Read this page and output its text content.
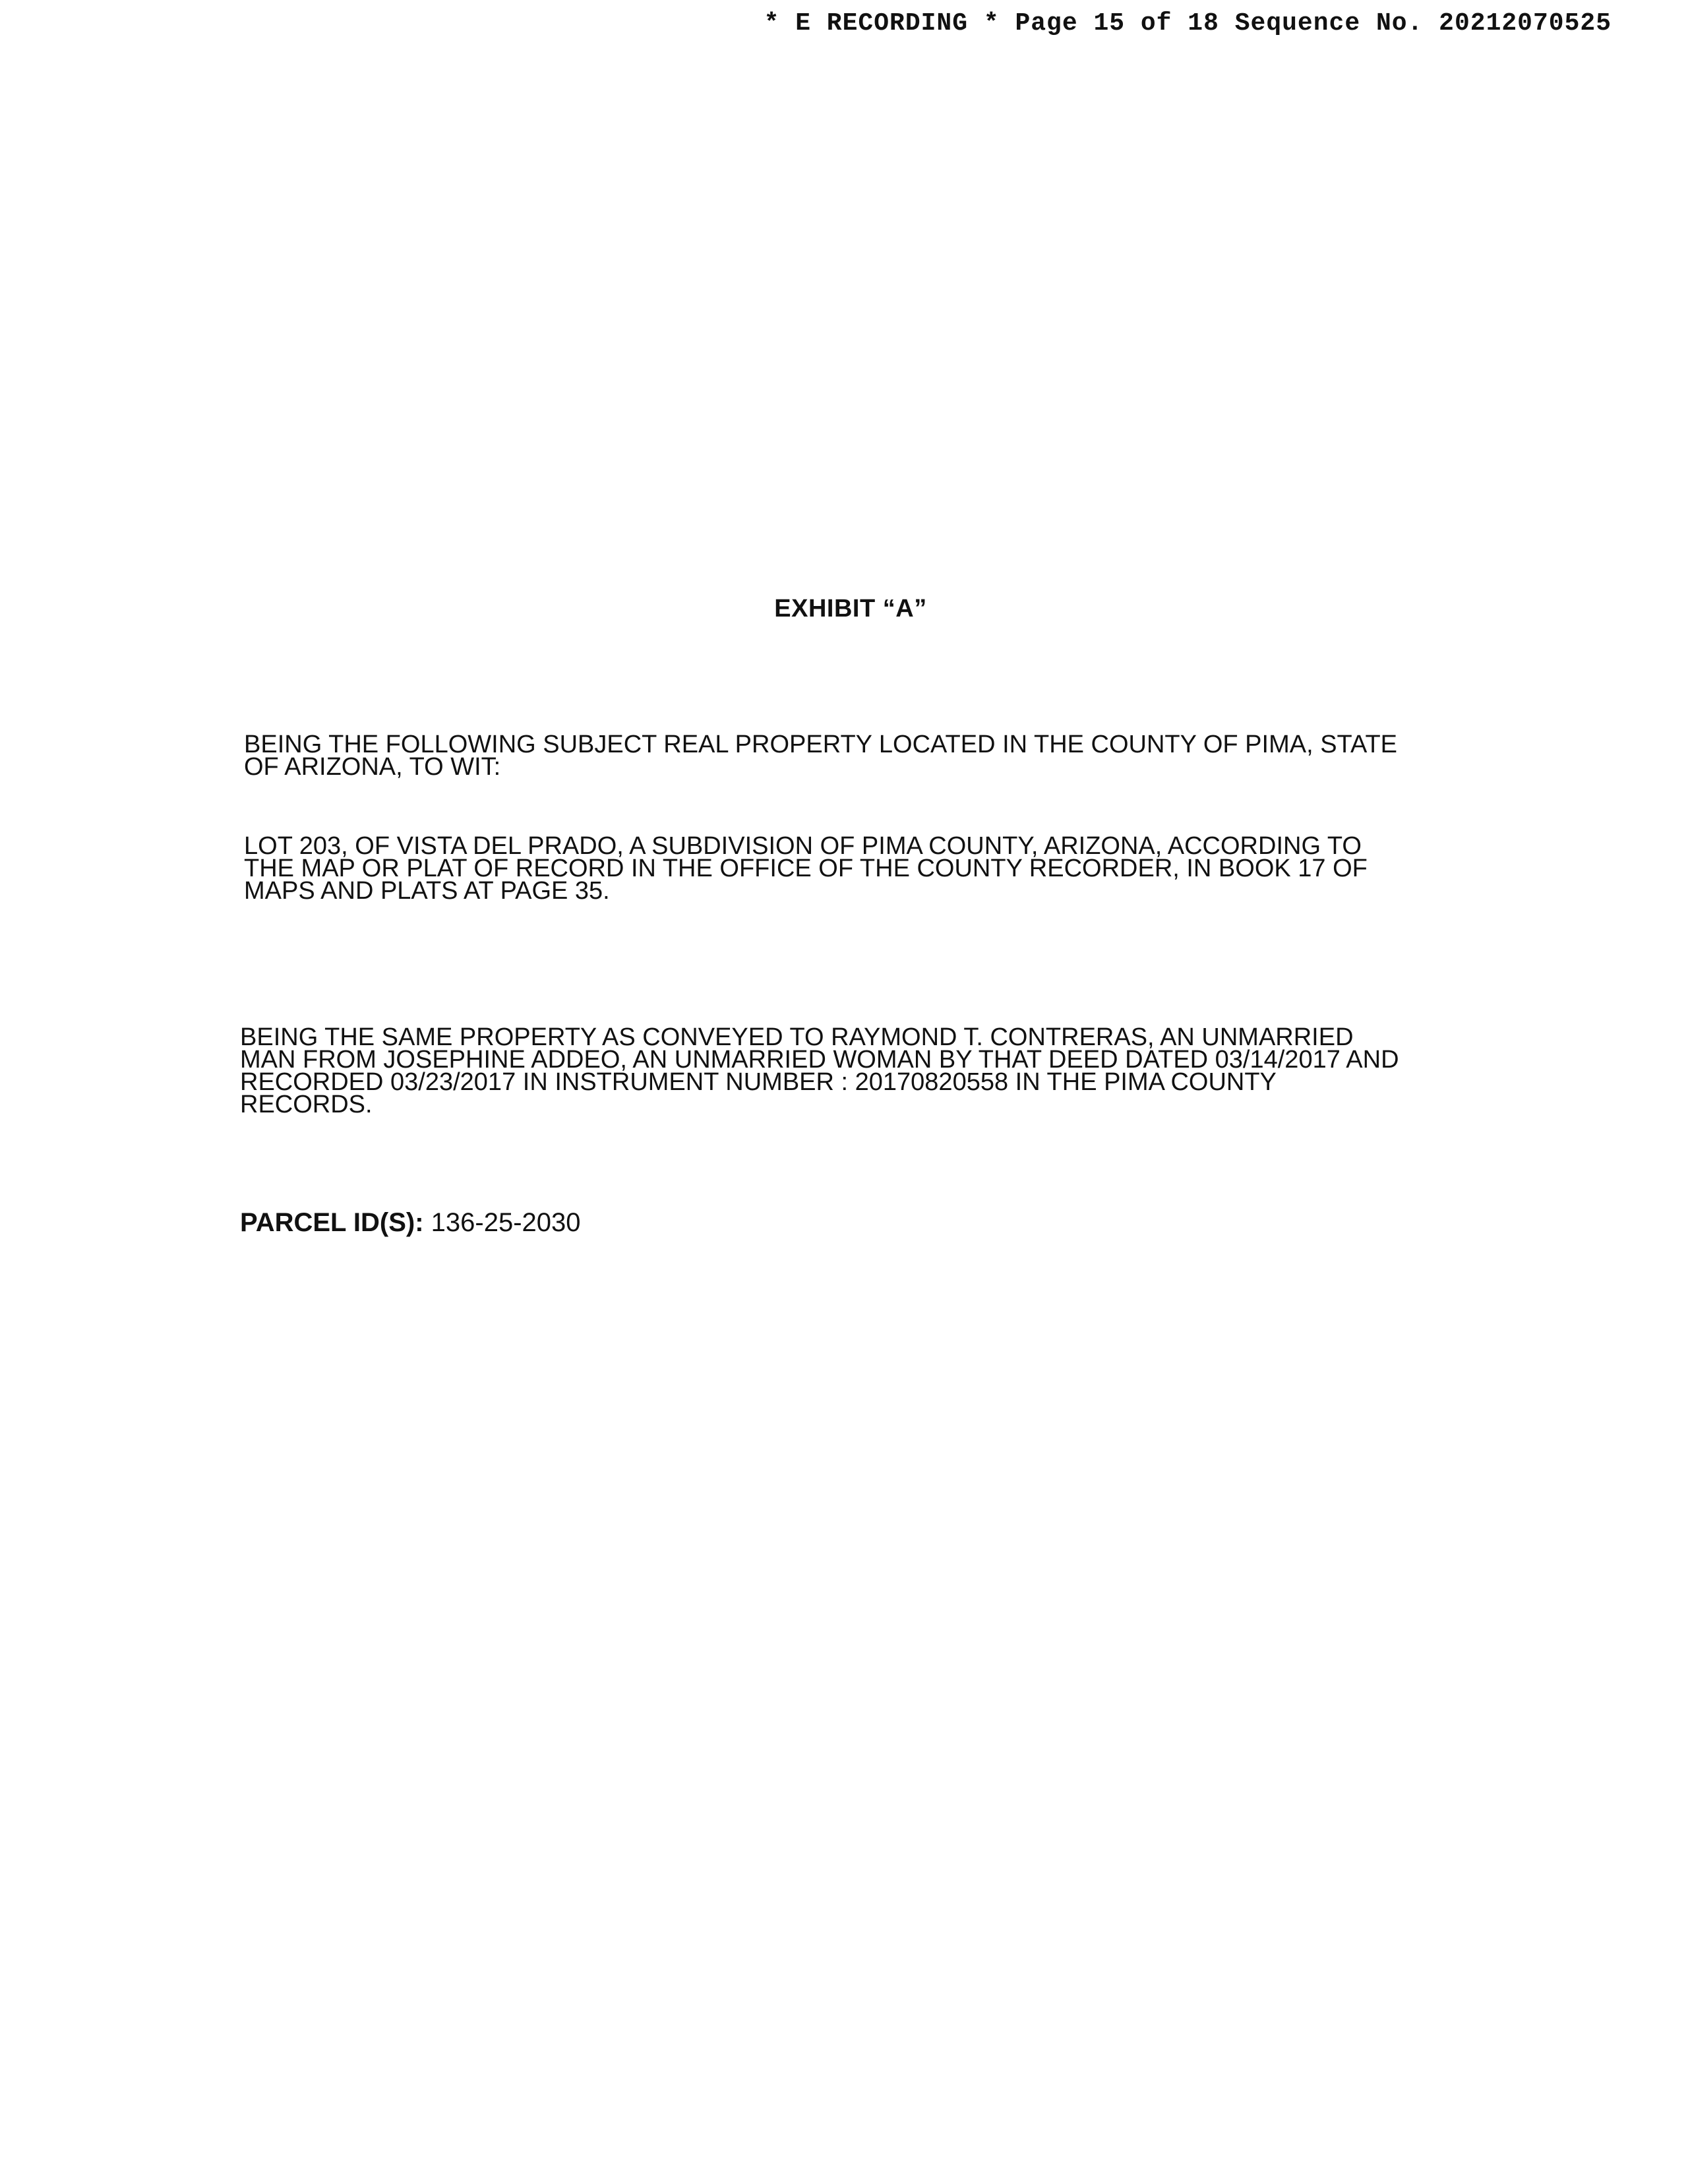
* E RECORDING * Page 15 of 18 Sequence No. 20212070525
EXHIBIT “A”
BEING THE FOLLOWING SUBJECT REAL PROPERTY LOCATED IN THE COUNTY OF PIMA, STATE
OF ARIZONA, TO WIT:
LOT 203, OF VISTA DEL PRADO, A SUBDIVISION OF PIMA COUNTY, ARIZONA, ACCORDING TO
THE MAP OR PLAT OF RECORD IN THE OFFICE OF THE COUNTY RECORDER, IN BOOK 17 OF
MAPS AND PLATS AT PAGE 35.
BEING THE SAME PROPERTY AS CONVEYED TO RAYMOND T. CONTRERAS, AN UNMARRIED
MAN FROM JOSEPHINE ADDEO, AN UNMARRIED WOMAN BY THAT DEED DATED 03/14/2017 AND
RECORDED 03/23/2017 IN INSTRUMENT NUMBER : 20170820558 IN THE PIMA COUNTY
RECORDS.
PARCEL ID(S): 136-25-2030
